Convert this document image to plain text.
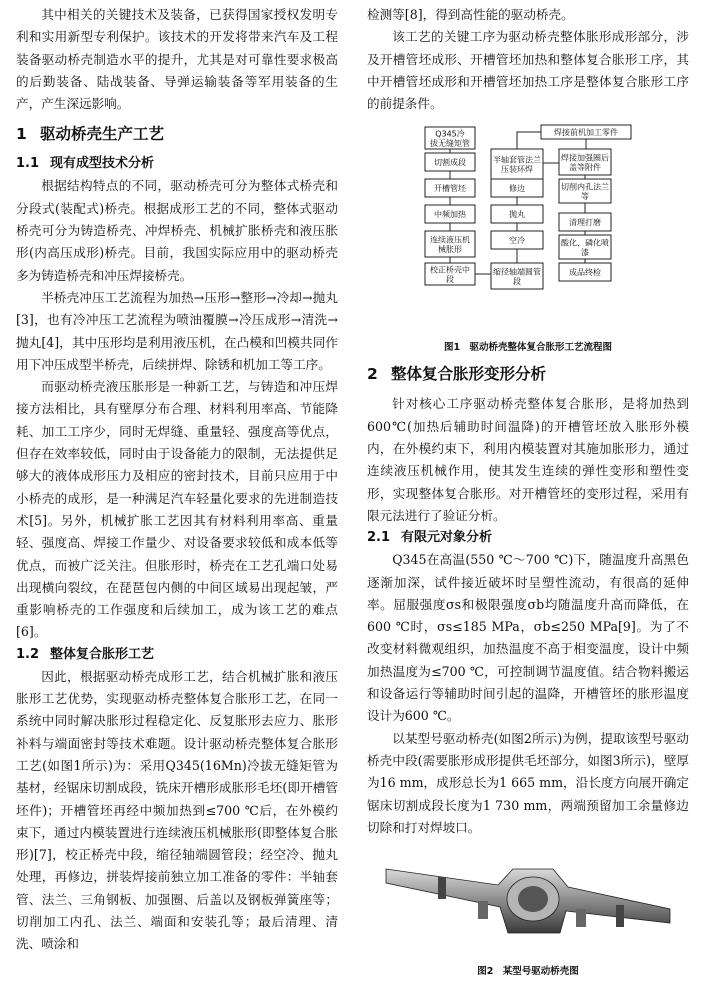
其中相关的关键技术及装备，已获得国家授权发明专利和实用新型专利保护。该技术的开发将带来汽车及工程装备驱动桥壳制造水平的提升，尤其是对可靠性要求极高的后勤装备、陆战装备、导弹运输装备等军用装备的生产，产生深远影响。

1 驱动桥壳生产工艺
1.1 现有成型技术分析

根据结构特点的不同，驱动桥壳可分为整体式桥壳和分段式(装配式)桥壳。根据成形工艺的不同，整体式驱动桥壳可分为铸造桥壳、冲焊桥壳、机械扩胀桥壳和液压胀形(内高压成形)桥壳。目前，我国实际应用中的驱动桥壳多为铸造桥壳和冲压焊接桥壳。

半桥壳冲压工艺流程为加热→压形→整形→冷却→抛丸[3]，也有冷冲压工艺流程为喷油覆膜→冷压成形→清洗→抛丸[4]，其中压形均是利用液压机，在凸模和凹模共同作用下冲压成型半桥壳，后续拼焊、除锈和机加工等工序。

而驱动桥壳液压胀形是一种新工艺，与铸造和冲压焊接方法相比，具有壁厚分布合理、材料利用率高、节能降耗、加工工序少，同时无焊缝、重量轻、强度高等优点，但存在效率较低，同时由于设备能力的限制，无法提供足够大的液体成形压力及相应的密封技术，目前只应用于中小桥壳的成形，是一种满足汽车轻量化要求的先进制造技术[5]。另外，机械扩胀工艺因其有材料利用率高、重量轻、强度高、焊接工作量少、对设备要求较低和成本低等优点，而被广泛关注。但胀形时，桥壳在工艺孔端口处易出现横向裂纹，在琵琶包内侧的中间区域易出现起皱，严重影响桥壳的工作强度和后续加工，成为该工艺的难点[6]。

1.2 整体复合胀形工艺

因此，根据驱动桥壳成形工艺，结合机械扩胀和液压胀形工艺优势，实现驱动桥壳整体复合胀形工艺，在同一系统中同时解决胀形过程稳定化、反复胀形去应力、胀形补料与端面密封等技术难题。设计驱动桥壳整体复合胀形工艺(如图1所示)为：采用Q345(16Mn)冷拔无缝矩管为基材，经锯床切割成段，铣床开槽形成胀形毛坯(即开槽管坯件)；开槽管坯再经中频加热到≤700 ℃后，在外模约束下，通过内模装置进行连续液压机械胀形(即整体复合胀形)[7]，校正桥壳中段，缩径轴端圆管段；经空冷、抛丸处理，再修边，拼装焊接前独立加工准备的零件：半轴套管、法兰、三角钢板、加强圈、后盖以及钢板弹簧座等；切削加工内孔、法兰、端面和安装孔等；最后清理、清洗、喷涂和

检测等[8]，得到高性能的驱动桥壳。

该工艺的关键工序为驱动桥壳整体胀形成形部分，涉及开槽管坯成形、开槽管坯加热和整体复合胀形工序，其中开槽管坯成形和开槽管坯加热工序是整体复合胀形工序的前提条件。

焊接前机加工零件
Q345冷
拔无缝矩管
切割成段
开槽管坯
中频加热
连续液压机
械胀形
校正桥壳中
段
半轴套管法兰
压装环焊
修边
抛丸
空冷
缩径轴端圆管
段
焊接加强圈后
盖等附件
切削内孔法兰
等
清理打磨
酸化、磷化喷
漆
成品终检
图1　驱动桥壳整体复合胀形工艺流程图
2 整体复合胀形变形分析

针对核心工序驱动桥壳整体复合胀形，是将加热到600℃(加热后辅助时间温降)的开槽管坯放入胀形外模内，在外模约束下，利用内模装置对其施加胀形力，通过连续液压机械作用，使其发生连续的弹性变形和塑性变形，实现整体复合胀形。对开槽管坯的变形过程，采用有限元法进行了验证分析。

2.1 有限元对象分析

Q345在高温(550 ℃～700 ℃)下，随温度升高黑色逐渐加深，试件接近破坏时呈塑性流动，有很高的延伸率。屈服强度σs和极限强度σb均随温度升高而降低，在600 ℃时，σs≤185 MPa，σb≤250 MPa[9]。为了不改变材料微观组织，加热温度不高于相变温度，设计中频加热温度为≤700 ℃，可控制调节温度值。结合物料搬运和设备运行等辅助时间引起的温降，开槽管坯的胀形温度设计为600 ℃。

以某型号驱动桥壳(如图2所示)为例，提取该型号驱动桥壳中段(需要胀形成形提供毛坯部分，如图3所示)，壁厚为16 mm，成形总长为1 665 mm，沿长度方向展开确定锯床切割成段长度为1 730 mm，两端预留加工余量修边切除和打对焊坡口。

图2　某型号驱动桥壳图
